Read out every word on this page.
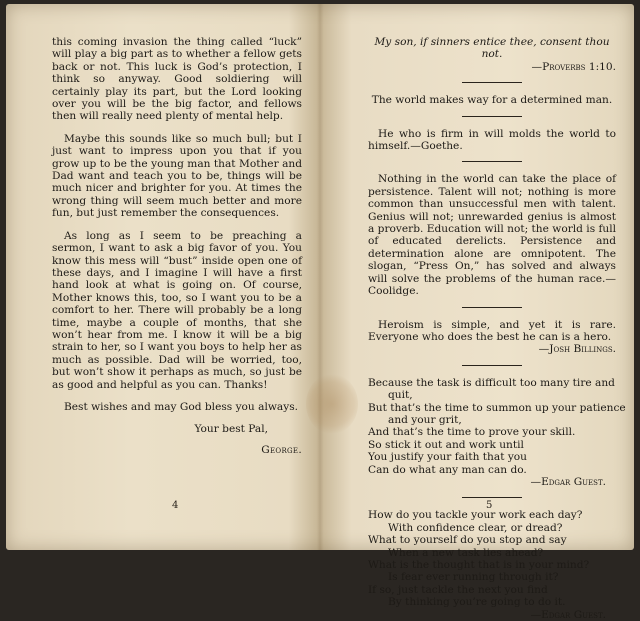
this coming invasion the thing called “luck” will play a big part as to whether a fellow gets back or not. This luck is God’s protection, I think so anyway. Good soldiering will certainly play its part, but the Lord looking over you will be the big factor, and fellows then will really need plenty of mental help.

Maybe this sounds like so much bull; but I just want to impress upon you that if you grow up to be the young man that Mother and Dad want and teach you to be, things will be much nicer and brighter for you. At times the wrong thing will seem much better and more fun, but just remember the consequences.

As long as I seem to be preaching a sermon, I want to ask a big favor of you. You know this mess will “bust” inside open one of these days, and I imagine I will have a first hand look at what is going on. Of course, Mother knows this, too, so I want you to be a comfort to her. There will probably be a long time, maybe a couple of months, that she won’t hear from me. I know it will be a big strain to her, so I want you boys to help her as much as possible. Dad will be worried, too, but won’t show it perhaps as much, so just be as good and helpful as you can. Thanks!

Best wishes and may God bless you always.

Your best Pal,

George.

4

My son, if sinners entice thee, consent thou not.

—Proverbs 1:10.

The world makes way for a determined man.

He who is firm in will molds the world to himself.—Goethe.

Nothing in the world can take the place of persistence. Talent will not; nothing is more common than unsuccessful men with talent. Genius will not; unrewarded genius is almost a proverb. Education will not; the world is full of educated derelicts. Persistence and determination alone are omnipotent. The slogan, “Press On,” has solved and always will solve the problems of the human race.—Coolidge.

Heroism is simple, and yet it is rare. Everyone who does the best he can is a hero.

—Josh Billings.

Because the task is difficult too many tire and

quit,

But that’s the time to summon up your patience

and your grit,

And that’s the time to prove your skill.

So stick it out and work until

You justify your faith that you

Can do what any man can do.

—Edgar Guest.

How do you tackle your work each day?

With confidence clear, or dread?

What to yourself do you stop and say

When a new task lies ahead?

What is the thought that is in your mind?

Is fear ever running through it?

If so, just tackle the next you find

By thinking you’re going to do it.

—Edgar Guest.

5
